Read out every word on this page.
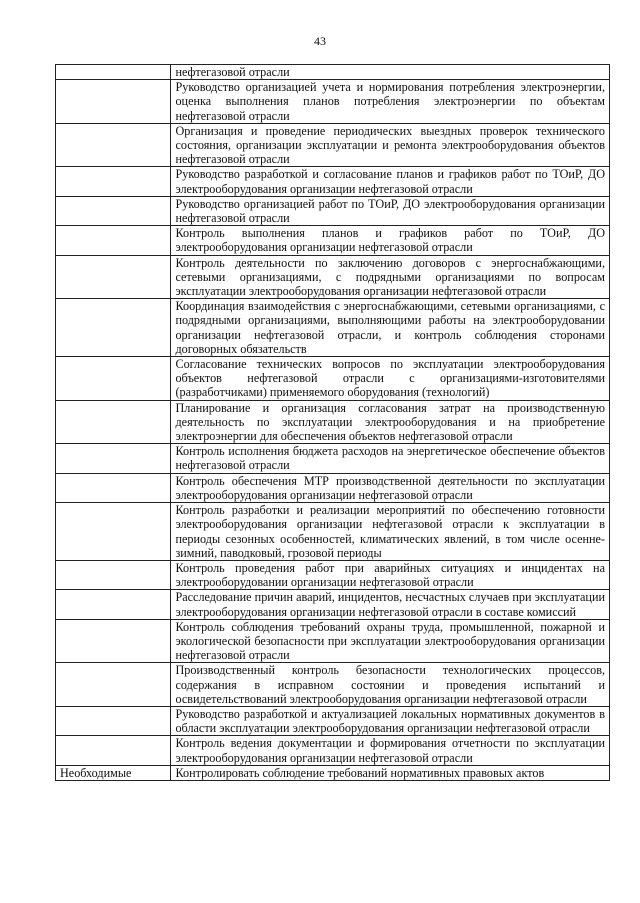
43

	нефтегазовой отрасли

	Руководство организацией учета и нормирования потребления электроэнергии, оценка выполнения планов потребления электроэнергии по объектам нефтегазовой отрасли

	Организация и проведение периодических выездных проверок технического состояния, организации эксплуатации и ремонта электрооборудования объектов нефтегазовой отрасли

	Руководство разработкой и согласование планов и графиков работ по ТОиР, ДО электрооборудования организации нефтегазовой отрасли

	Руководство организацией работ по ТОиР, ДО электрооборудования организации нефтегазовой отрасли

	Контроль выполнения планов и графиков работ по ТОиР, ДО электрооборудования организации нефтегазовой отрасли

	Контроль деятельности по заключению договоров с энергоснабжающими, сетевыми организациями, с подрядными организациями по вопросам эксплуатации электрооборудования организации нефтегазовой отрасли

	Координация взаимодействия с энергоснабжающими, сетевыми организациями, с подрядными организациями, выполняющими работы на электрооборудовании организации нефтегазовой отрасли, и контроль соблюдения сторонами договорных обязательств

	Согласование технических вопросов по эксплуатации электрооборудования объектов нефтегазовой отрасли с организациями-изготовителями (разработчиками) применяемого оборудования (технологий)

	Планирование и организация согласования затрат на производственную деятельность по эксплуатации электрооборудования и на приобретение электроэнергии для обеспечения объектов нефтегазовой отрасли

	Контроль исполнения бюджета расходов на энергетическое обеспечение объектов нефтегазовой отрасли

	Контроль обеспечения МТР производственной деятельности по эксплуатации электрооборудования организации нефтегазовой отрасли

	Контроль разработки и реализации мероприятий по обеспечению готовности электрооборудования организации нефтегазовой отрасли к эксплуатации в периоды сезонных особенностей, климатических явлений, в том числе осенне-зимний, паводковый, грозовой периоды

	Контроль проведения работ при аварийных ситуациях и инцидентах на электрооборудовании организации нефтегазовой отрасли

	Расследование причин аварий, инцидентов, несчастных случаев при эксплуатации электрооборудования организации нефтегазовой отрасли в составе комиссий

	Контроль соблюдения требований охраны труда, промышленной, пожарной и экологической безопасности при эксплуатации электрооборудования организации нефтегазовой отрасли

	Производственный контроль безопасности технологических процессов, содержания в исправном состоянии и проведения испытаний и освидетельствований электрооборудования организации нефтегазовой отрасли

	Руководство разработкой и актуализацией локальных нормативных документов в области эксплуатации электрооборудования организации нефтегазовой отрасли

	Контроль ведения документации и формирования отчетности по эксплуатации электрооборудования организации нефтегазовой отрасли

Необходимые	Контролировать соблюдение требований нормативных правовых актов
